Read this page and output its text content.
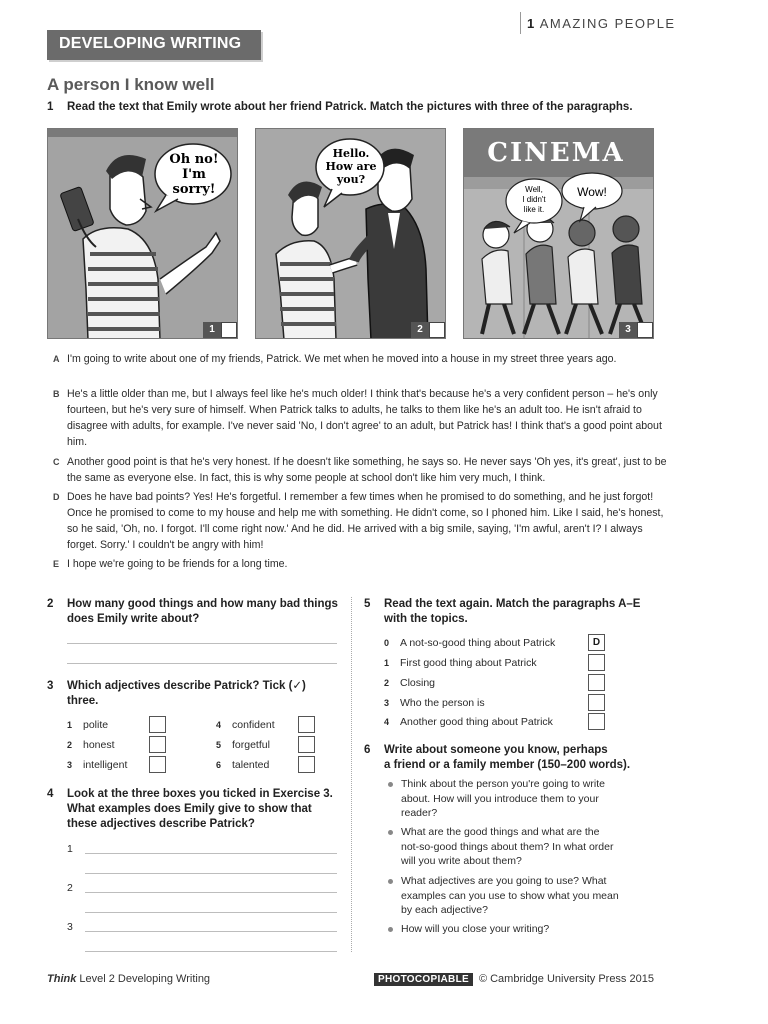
1 AMAZING PEOPLE
DEVELOPING WRITING
A person I know well
1 Read the text that Emily wrote about her friend Patrick. Match the pictures with three of the paragraphs.
Oh no!
I'm
sorry!
1
Hello.
How are
you?
2
CINEMA
Well,
I didn't
like it.
Wow!
3
A I'm going to write about one of my friends, Patrick. We met when he moved into a house in my street three years ago.
B He's a little older than me, but I always feel like he's much older! I think that's because he's a very confident person – he's only fourteen, but he's very sure of himself. When Patrick talks to adults, he talks to them like he's an adult too. He isn't afraid to disagree with adults, for example. I've never said 'No, I don't agree' to an adult, but Patrick has! I think that's a good point about him.
C Another good point is that he's very honest. If he doesn't like something, he says so. He never says 'Oh yes, it's great', just to be the same as everyone else. In fact, this is why some people at school don't like him very much, I think.
D Does he have bad points? Yes! He's forgetful. I remember a few times when he promised to do something, and he just forgot! Once he promised to come to my house and help me with something. He didn't come, so I phoned him. Like I said, he's honest, so he said, 'Oh, no. I forgot. I'll come right now.' And he did. He arrived with a big smile, saying, 'I'm awful, aren't I? I always forget. Sorry.' I couldn't be angry with him!
E I hope we're going to be friends for a long time.
2 How many good things and how many bad things
does Emily write about?
3 Which adjectives describe Patrick? Tick (✓)
three.
1 polite
2 honest
3 intelligent
4 confident
5 forgetful
6 talented
4 Look at the three boxes you ticked in Exercise 3.
What examples does Emily give to show that
these adjectives describe Patrick?
1
2
3
5 Read the text again. Match the paragraphs A–E
with the topics.
0 A not-so-good thing about Patrick	D
1 First good thing about Patrick
2 Closing
3 Who the person is
4 Another good thing about Patrick
6 Write about someone you know, perhaps
a friend or a family member (150–200 words).
Think about the person you're going to write
about. How will you introduce them to your
reader?
What are the good things and what are the
not-so-good things about them? In what order
will you write about them?
What adjectives are you going to use? What
examples can you use to show what you mean
by each adjective?
How will you close your writing?
Think Level 2 Developing Writing	PHOTOCOPIABLE © Cambridge University Press 2015
